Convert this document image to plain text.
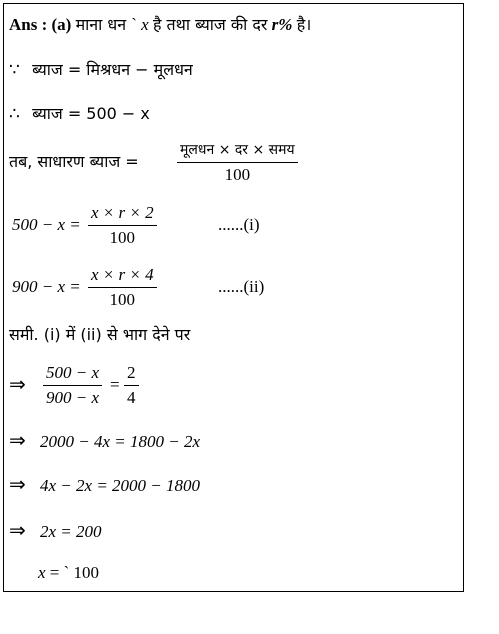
Ans : (a) माना धन ` x है तथा ब्याज की दर r% है।
∵ ब्याज = मिश्रधन − मूलधन
∴ ब्याज = 500 − x
तब, साधारण ब्याज =
मूलधन × दर × समय
100
$500 - x = \frac{x \times r \times 2}{100}$	......(i)
$900 - x = \frac{x \times r \times 4}{100}$	......(ii)
समी. (i) में (ii) से भाग देने पर
⇒ $\frac{500 - x}{900 - x} = \frac{2}{4}$
⇒ 2000 − 4x = 1800 − 2x
⇒ 4x − 2x = 2000 − 1800
⇒ 2x = 200
x = ` 100
